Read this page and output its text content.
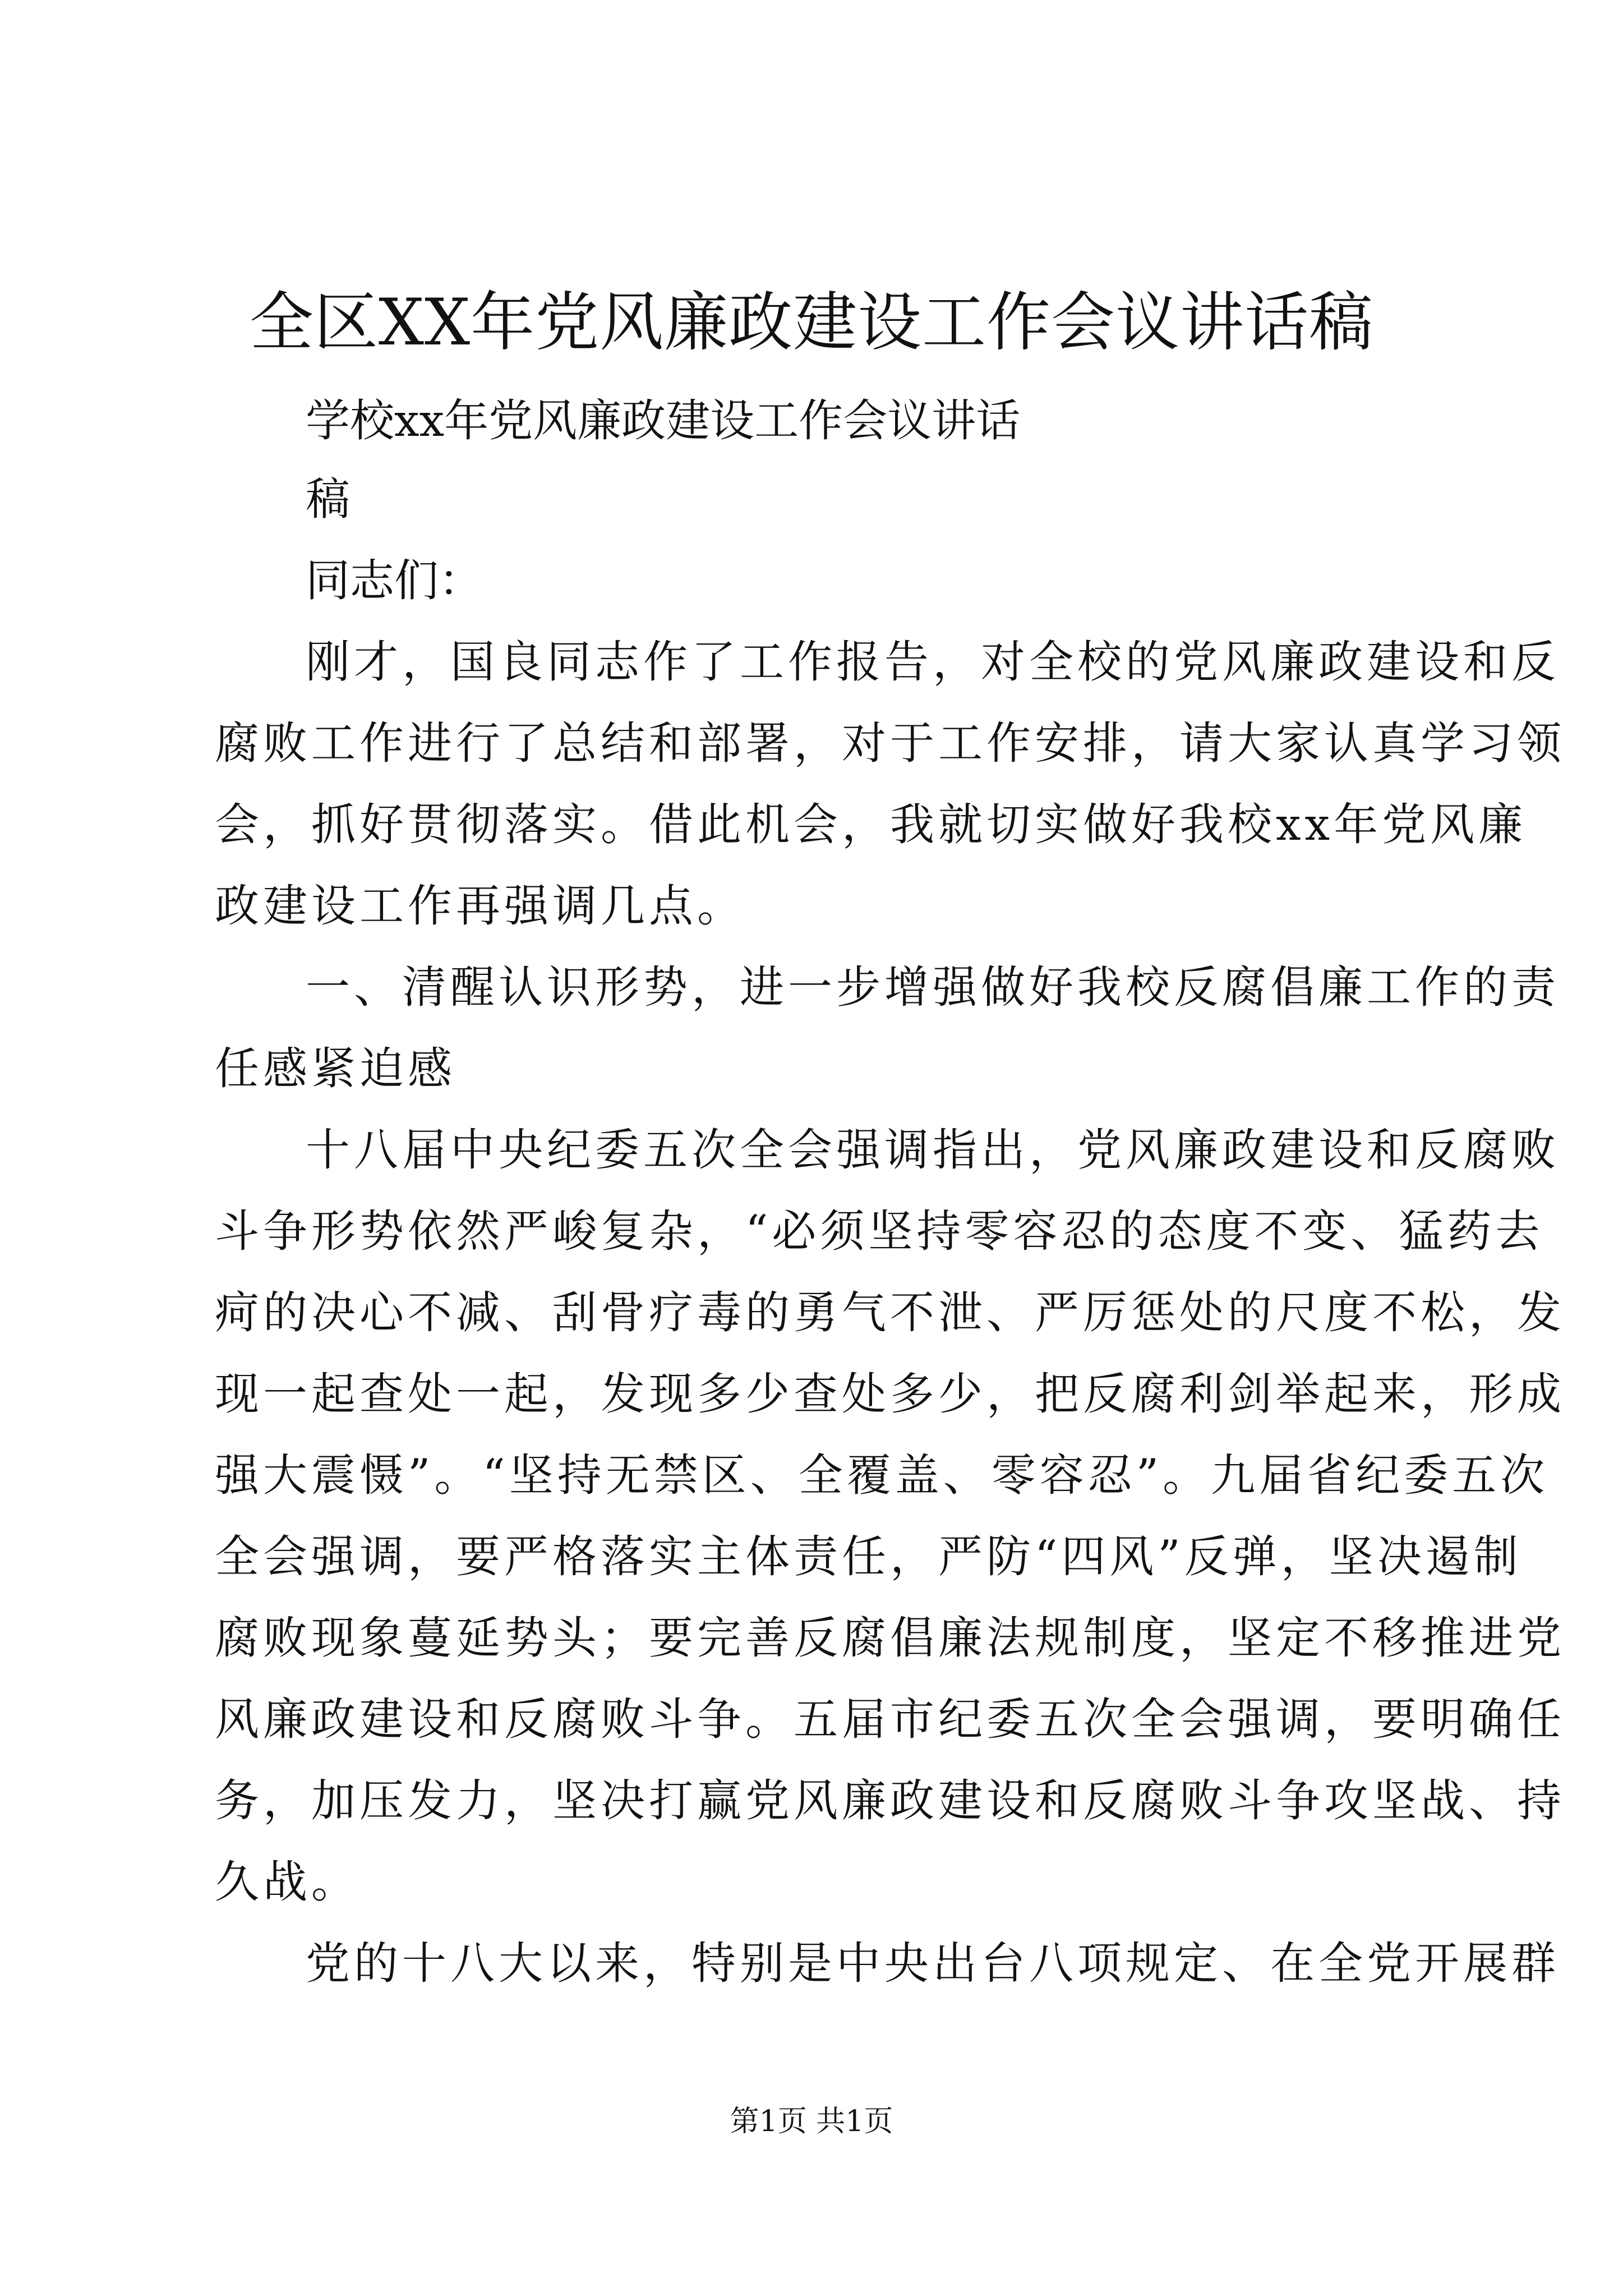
全区XX年党风廉政建设工作会议讲话稿

学校xx年党风廉政建设工作会议讲话

稿

同志们：

刚才，国良同志作了工作报告，对全校的党风廉政建设和反

腐败工作进行了总结和部署，对于工作安排，请大家认真学习领

会，抓好贯彻落实。借此机会，我就切实做好我校xx年党风廉

政建设工作再强调几点。

一、清醒认识形势，进一步增强做好我校反腐倡廉工作的责

任感紧迫感

十八届中央纪委五次全会强调指出，党风廉政建设和反腐败

斗争形势依然严峻复杂，“必须坚持零容忍的态度不变、猛药去

疴的决心不减、刮骨疗毒的勇气不泄、严厉惩处的尺度不松，发

现一起查处一起，发现多少查处多少，把反腐利剑举起来，形成

强大震慑”。“坚持无禁区、全覆盖、零容忍”。九届省纪委五次

全会强调，要严格落实主体责任，严防“四风”反弹，坚决遏制

腐败现象蔓延势头；要完善反腐倡廉法规制度，坚定不移推进党

风廉政建设和反腐败斗争。五届市纪委五次全会强调，要明确任

务，加压发力，坚决打赢党风廉政建设和反腐败斗争攻坚战、持

久战。

党的十八大以来，特别是中央出台八项规定、在全党开展群

第1页 共1页
